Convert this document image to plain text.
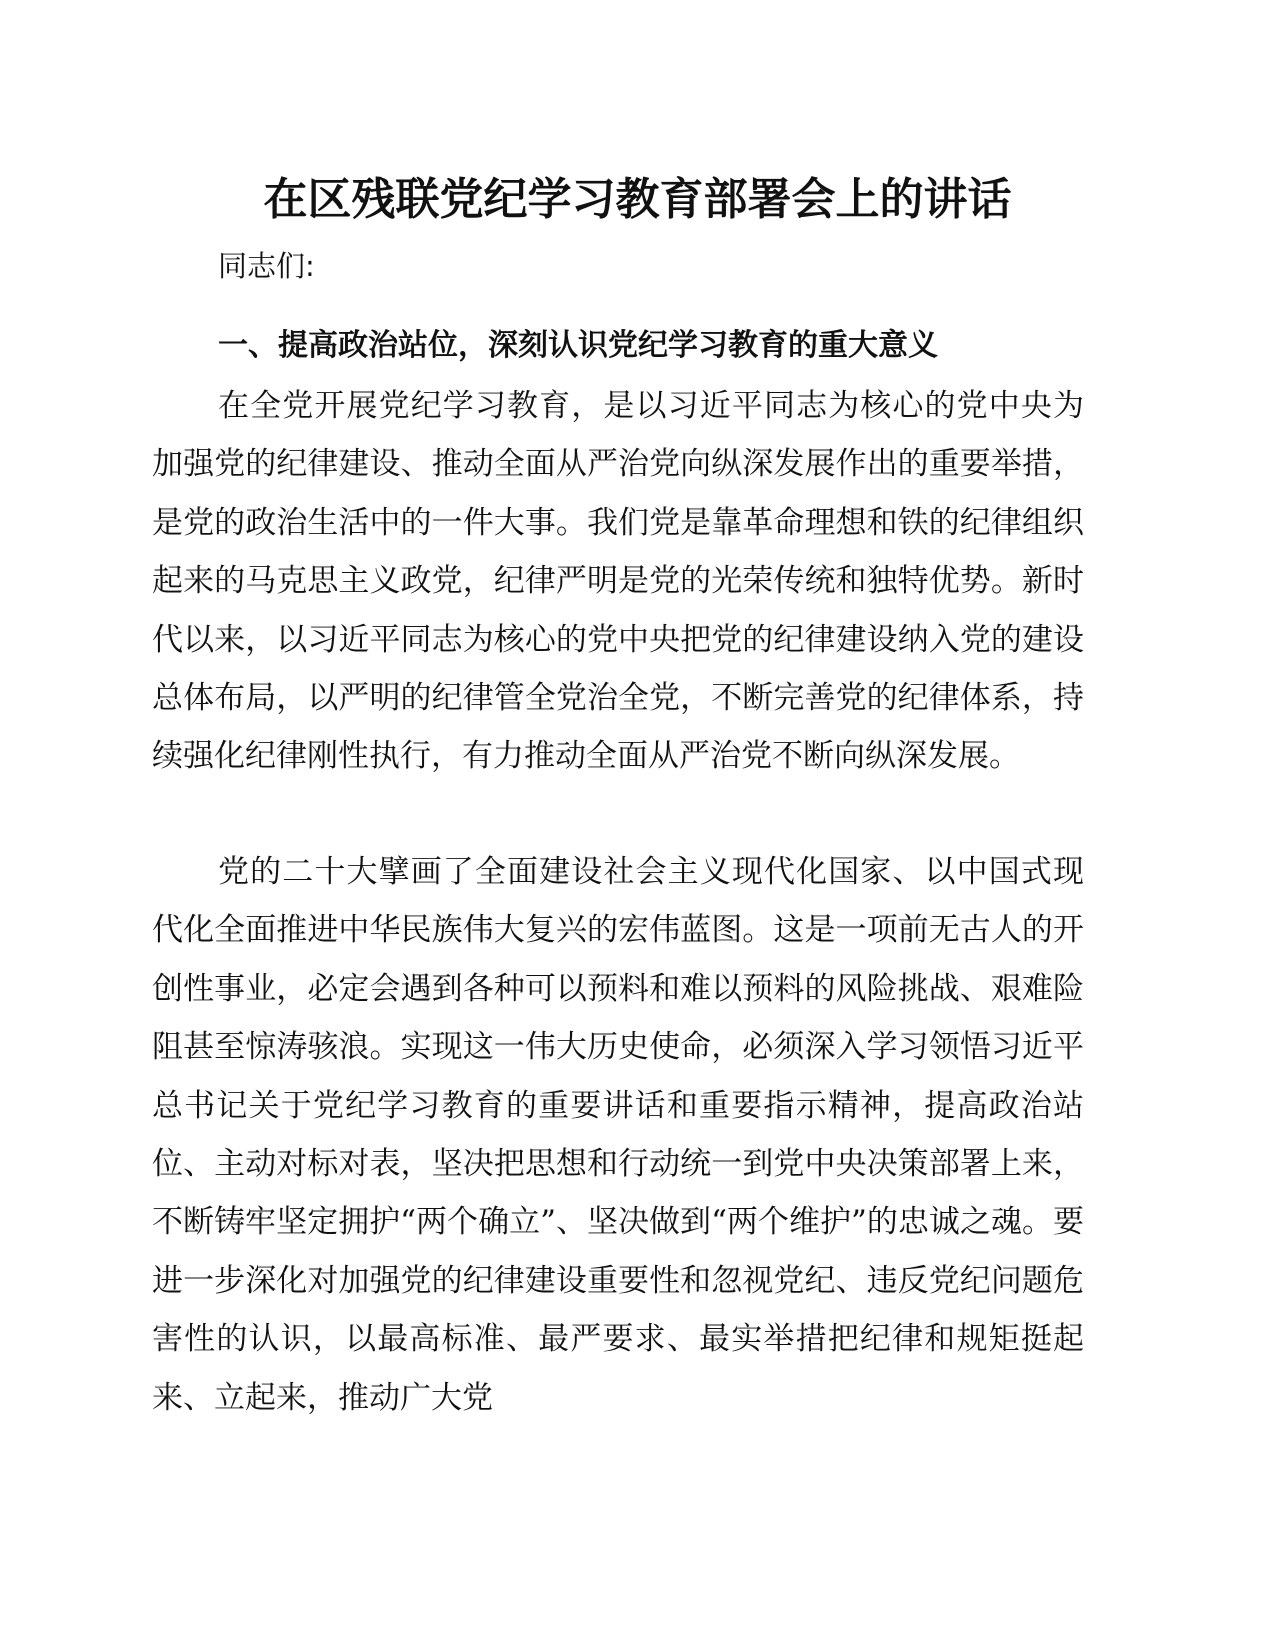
在区残联党纪学习教育部署会上的讲话

同志们:

一、提高政治站位，深刻认识党纪学习教育的重大意义

在全党开展党纪学习教育，是以习近平同志为核心的党中央为加强党的纪律建设、推动全面从严治党向纵深发展作出的重要举措，是党的政治生活中的一件大事。我们党是靠革命理想和铁的纪律组织起来的马克思主义政党，纪律严明是党的光荣传统和独特优势。新时代以来，以习近平同志为核心的党中央把党的纪律建设纳入党的建设总体布局，以严明的纪律管全党治全党，不断完善党的纪律体系，持续强化纪律刚性执行，有力推动全面从严治党不断向纵深发展。

党的二十大擘画了全面建设社会主义现代化国家、以中国式现代化全面推进中华民族伟大复兴的宏伟蓝图。这是一项前无古人的开创性事业，必定会遇到各种可以预料和难以预料的风险挑战、艰难险阻甚至惊涛骇浪。实现这一伟大历史使命，必须深入学习领悟习近平总书记关于党纪学习教育的重要讲话和重要指示精神，提高政治站位、主动对标对表，坚决把思想和行动统一到党中央决策部署上来，不断铸牢坚定拥护“两个确立”、坚决做到“两个维护”的忠诚之魂。要进一步深化对加强党的纪律建设重要性和忽视党纪、违反党纪问题危害性的认识，以最高标准、最严要求、最实举措把纪律和规矩挺起来、立起来，推动广大党
